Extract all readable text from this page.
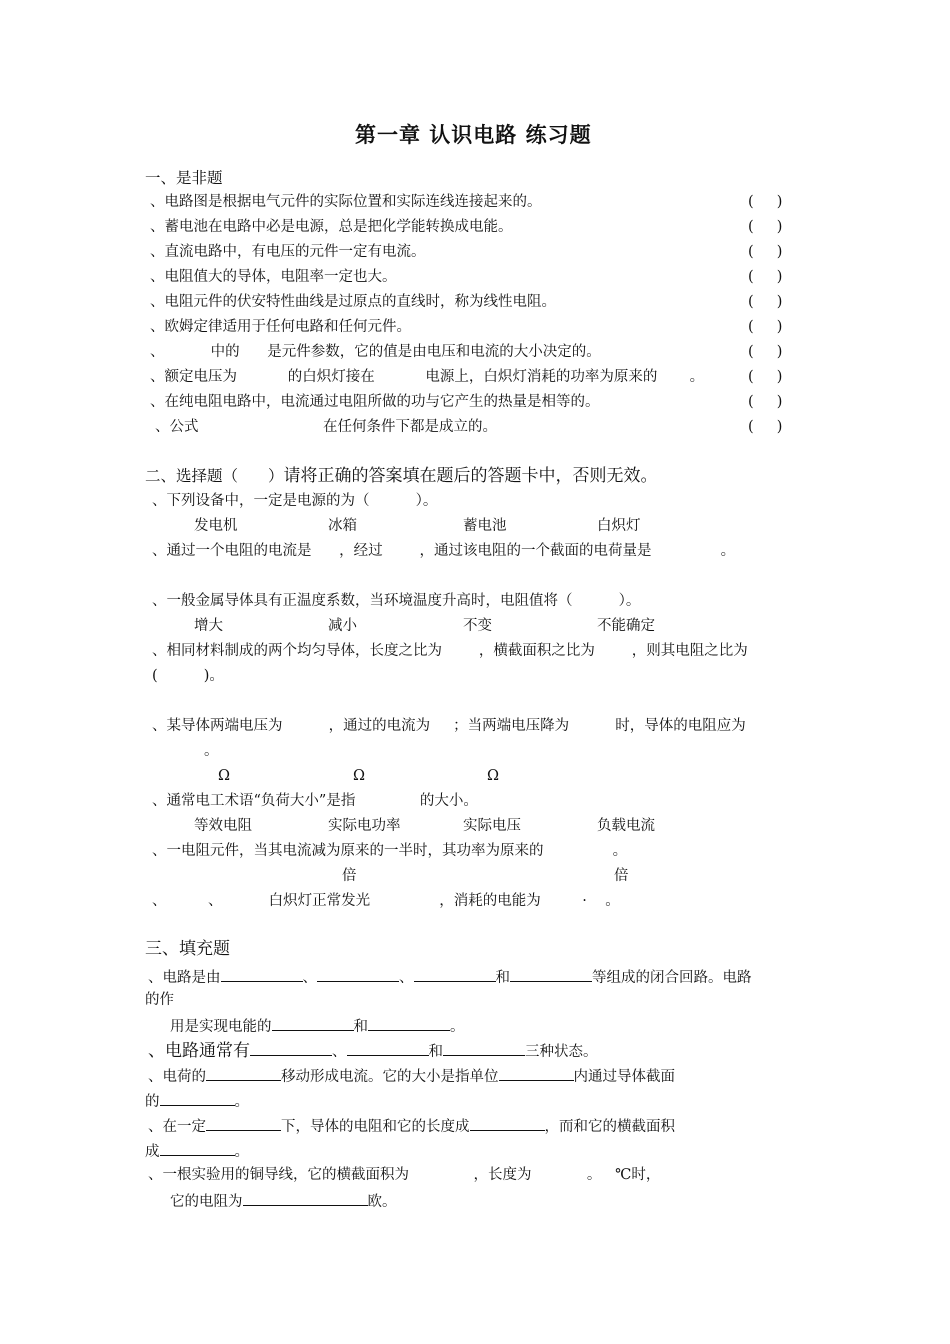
第一章 认识电路 练习题
一、是非题
、电路图是根据电气元件的实际位置和实际连线连接起来的。	(     )
、蓄电池在电路中必是电源，总是把化学能转换成电能。	(     )
、直流电路中，有电压的元件一定有电流。	(     )
、电阻值大的导体，电阻率一定也大。	(     )
、电阻元件的伏安特性曲线是过原点的直线时，称为线性电阻。	(     )
、欧姆定律适用于任何电路和任何元件。	(     )
、          中的      是元件参数，它的值是由电压和电流的大小决定的。	(     )
、额定电压为           的白炽灯接在           电源上，白炽灯消耗的功率为原来的       。	(     )
、在纯电阻电路中，电流通过电阻所做的功与它产生的热量是相等的。	(     )
、公式                           在任何条件下都是成立的。	(     )
二、选择题（ ）请将正确的答案填在题后的答题卡中，否则无效。
、下列设备中，一定是电源的为（          ）。
发电机	冰箱	蓄电池	白炽灯
、通过一个电阻的电流是      ，经过        ，通过该电阻的一个截面的电荷量是               。
、一般金属导体具有正温度系数，当环境温度升高时，电阻值将（          ）。
增大	减小	不变	不能确定
、相同材料制成的两个均匀导体，长度之比为        ，横截面积之比为        ，则其电阻之比为
(          )。
、某导体两端电压为          ，通过的电流为     ；当两端电压降为          时，导体的电阻应为
。
Ω	Ω	Ω
、通常电工术语“负荷大小”是指              的大小。
等效电阻	实际电功率	实际电压	负载电流
、一电阻元件，当其电流减为原来的一半时，其功率为原来的               。
倍	倍
、         、          白炽灯正常发光               ，消耗的电能为         ·    。
三、填充题
、电路是由	、	、	和	等组成的闭合回路。电路
的作
用是实现电能的	和	。
、电路通常有	、	和	三种状态。
、电荷的	移动形成电流。它的大小是指单位	内通过导体截面
的	。
、在一定	下，导体的电阻和它的长度成	，而和它的横截面积
成	。
、一根实验用的铜导线，它的横截面积为              ，长度为            。   ℃时，
它的电阻为	欧。
